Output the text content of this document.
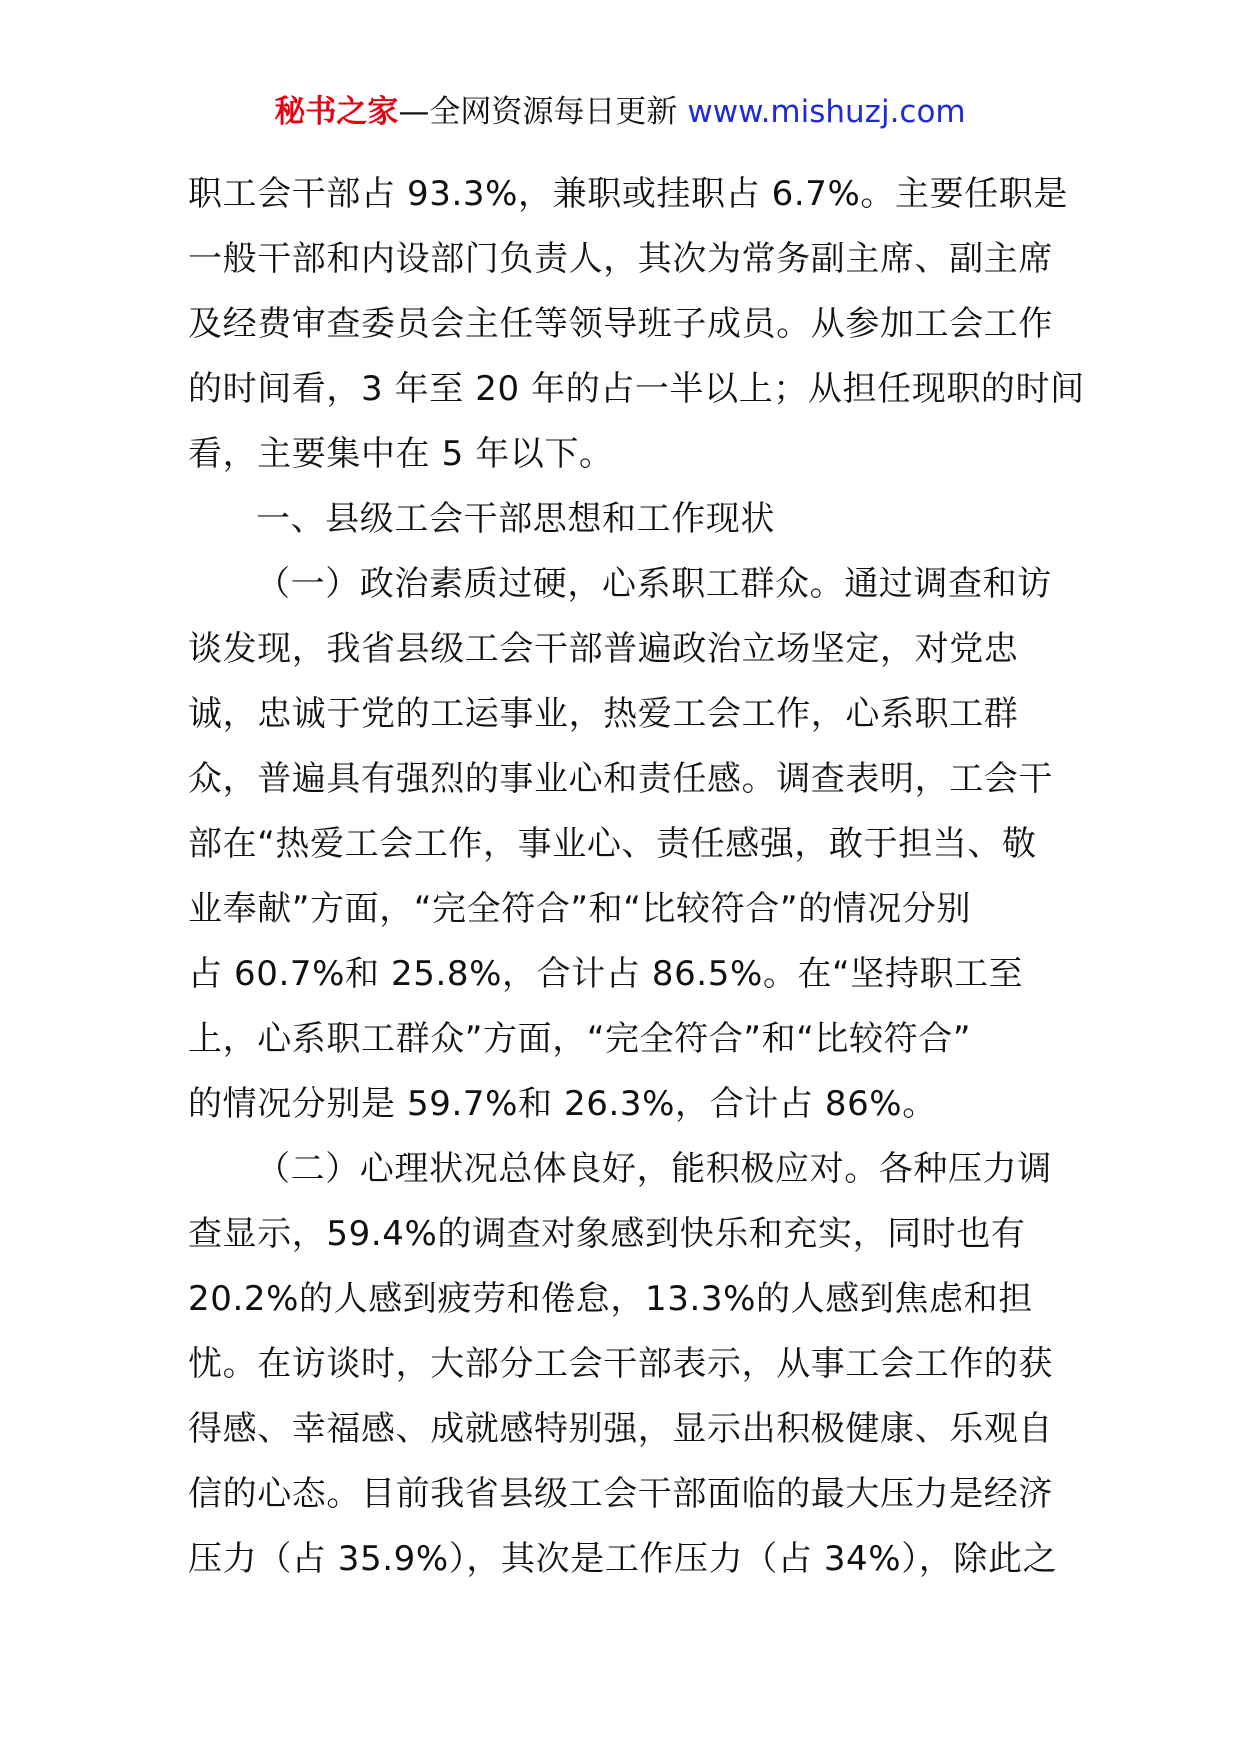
秘书之家—全网资源每日更新 www.mishuzj.com
职工会干部占 93.3%，兼职或挂职占 6.7%。主要任职是
一般干部和内设部门负责人，其次为常务副主席、副主席
及经费审查委员会主任等领导班子成员。从参加工会工作
的时间看，3 年至 20 年的占一半以上；从担任现职的时间
看，主要集中在 5 年以下。
一、县级工会干部思想和工作现状
（一）政治素质过硬，心系职工群众。通过调查和访
谈发现，我省县级工会干部普遍政治立场坚定，对党忠
诚，忠诚于党的工运事业，热爱工会工作，心系职工群
众，普遍具有强烈的事业心和责任感。调查表明，工会干
部在“热爱工会工作，事业心、责任感强，敢于担当、敬
业奉献”方面，“完全符合”和“比较符合”的情况分别
占 60.7%和 25.8%，合计占 86.5%。在“坚持职工至
上，心系职工群众”方面，“完全符合”和“比较符合”
的情况分别是 59.7%和 26.3%，合计占 86%。
（二）心理状况总体良好，能积极应对。各种压力调
查显示，59.4%的调查对象感到快乐和充实，同时也有
20.2%的人感到疲劳和倦怠，13.3%的人感到焦虑和担
忧。在访谈时，大部分工会干部表示，从事工会工作的获
得感、幸福感、成就感特别强，显示出积极健康、乐观自
信的心态。目前我省县级工会干部面临的最大压力是经济
压力（占 35.9%），其次是工作压力（占 34%），除此之
